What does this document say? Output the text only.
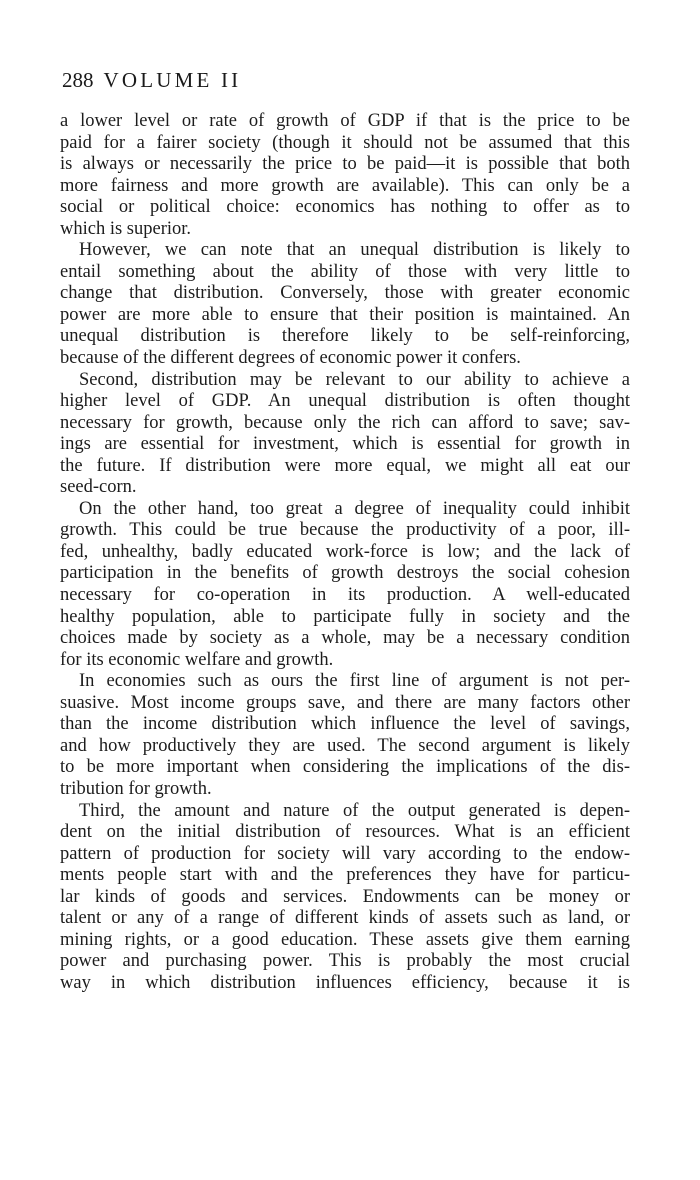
288 VOLUME II
a lower level or rate of growth of GDP if that is the price to be
paid for a fairer society (though it should not be assumed that this
is always or necessarily the price to be paid—it is possible that both
more fairness and more growth are available). This can only be a
social or political choice: economics has nothing to offer as to
which is superior.
However, we can note that an unequal distribution is likely to
entail something about the ability of those with very little to
change that distribution. Conversely, those with greater economic
power are more able to ensure that their position is maintained. An
unequal distribution is therefore likely to be self-reinforcing,
because of the different degrees of economic power it confers.
Second, distribution may be relevant to our ability to achieve a
higher level of GDP. An unequal distribution is often thought
necessary for growth, because only the rich can afford to save; sav-
ings are essential for investment, which is essential for growth in
the future. If distribution were more equal, we might all eat our
seed-corn.
On the other hand, too great a degree of inequality could inhibit
growth. This could be true because the productivity of a poor, ill-
fed, unhealthy, badly educated work-force is low; and the lack of
participation in the benefits of growth destroys the social cohesion
necessary for co-operation in its production. A well-educated
healthy population, able to participate fully in society and the
choices made by society as a whole, may be a necessary condition
for its economic welfare and growth.
In economies such as ours the first line of argument is not per-
suasive. Most income groups save, and there are many factors other
than the income distribution which influence the level of savings,
and how productively they are used. The second argument is likely
to be more important when considering the implications of the dis-
tribution for growth.
Third, the amount and nature of the output generated is depen-
dent on the initial distribution of resources. What is an efficient
pattern of production for society will vary according to the endow-
ments people start with and the preferences they have for particu-
lar kinds of goods and services. Endowments can be money or
talent or any of a range of different kinds of assets such as land, or
mining rights, or a good education. These assets give them earning
power and purchasing power. This is probably the most crucial
way in which distribution influences efficiency, because it is
